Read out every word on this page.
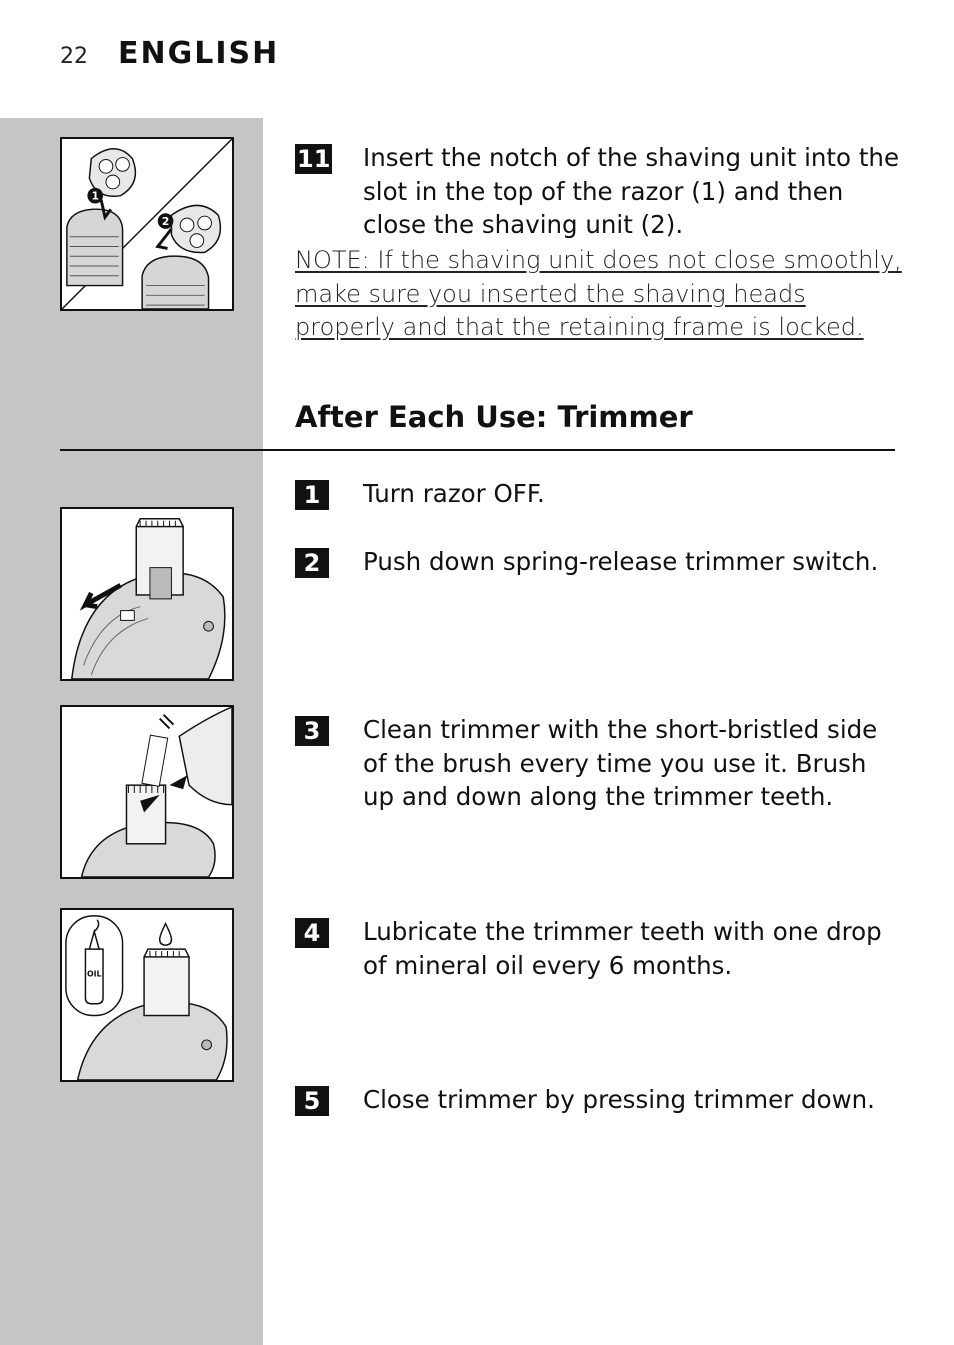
22 ENGLISH
1
2
OIL
11 Insert the notch of the shaving unit into the slot in the top of the razor (1) and then close the shaving unit (2).
NOTE: If the shaving unit does not close smoothly, make sure you inserted the shaving heads properly and that the retaining frame is locked.
After Each Use: Trimmer
1	Turn razor OFF.
2	Push down spring-release trimmer switch.
3	Clean trimmer with the short-bristled side of the brush every time you use it. Brush up and down along the trimmer teeth.
4	Lubricate the trimmer teeth with one drop of mineral oil every 6 months.
5	Close trimmer by pressing trimmer down.
